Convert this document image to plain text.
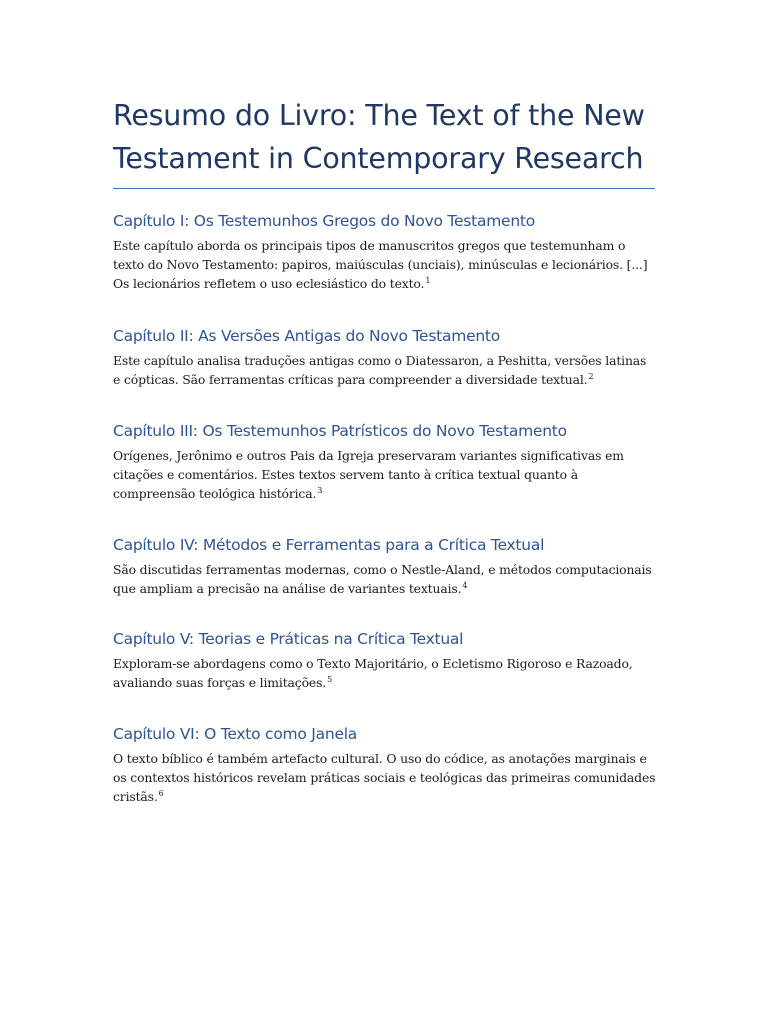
Resumo do Livro: The Text of the New Testament in Contemporary Research
Capítulo I: Os Testemunhos Gregos do Novo Testamento

Este capítulo aborda os principais tipos de manuscritos gregos que testemunham o texto do Novo Testamento: papiros, maiúsculas (unciais), minúsculas e lecionários. [...] Os lecionários refletem o uso eclesiástico do texto.$^1$

Capítulo II: As Versões Antigas do Novo Testamento

Este capítulo analisa traduções antigas como o Diatessaron, a Peshitta, versões latinas e cópticas. São ferramentas críticas para compreender a diversidade textual.$^2$

Capítulo III: Os Testemunhos Patrísticos do Novo Testamento

Orígenes, Jerônimo e outros Pais da Igreja preservaram variantes significativas em citações e comentários. Estes textos servem tanto à crítica textual quanto à compreensão teológica histórica.$^3$

Capítulo IV: Métodos e Ferramentas para a Crítica Textual

São discutidas ferramentas modernas, como o Nestle-Aland, e métodos computacionais que ampliam a precisão na análise de variantes textuais.$^4$

Capítulo V: Teorias e Práticas na Crítica Textual

Exploram-se abordagens como o Texto Majoritário, o Ecletismo Rigoroso e Razoado, avaliando suas forças e limitações.$^5$

Capítulo VI: O Texto como Janela

O texto bíblico é também artefacto cultural. O uso do códice, as anotações marginais e os contextos históricos revelam práticas sociais e teológicas das primeiras comunidades cristãs.$^6$
